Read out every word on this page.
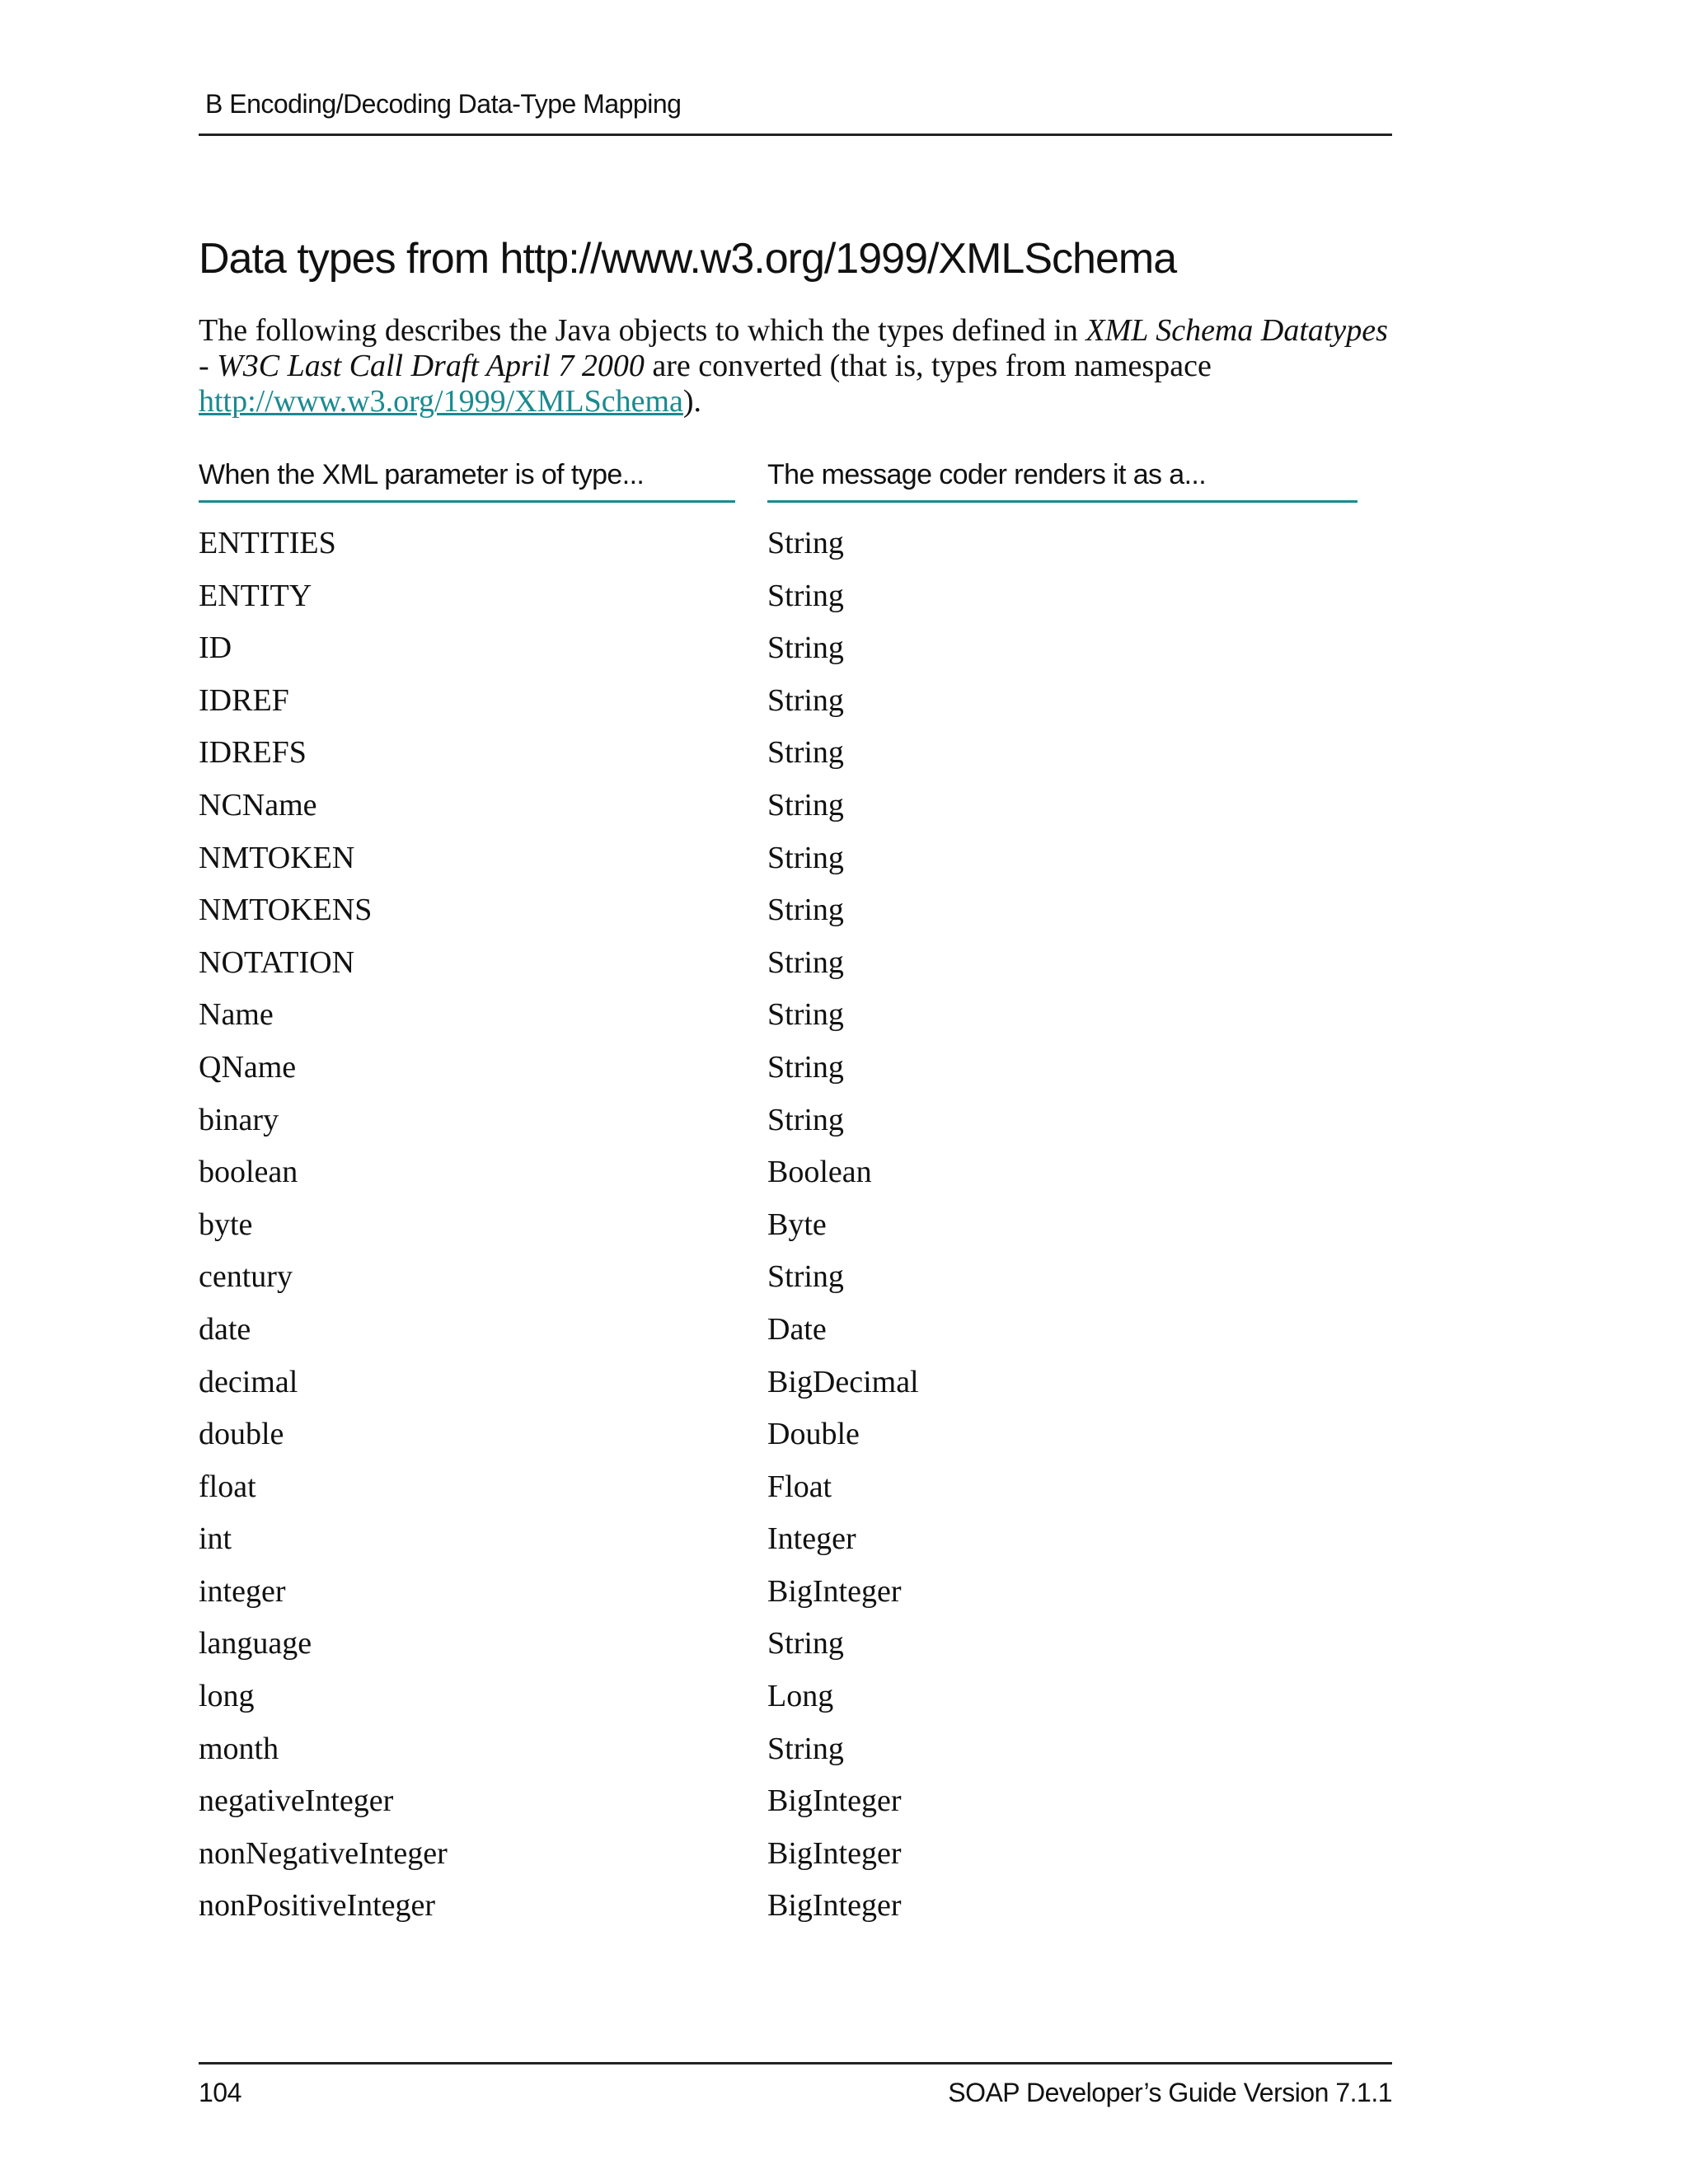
B Encoding/Decoding Data-Type Mapping
Data types from http://www.w3.org/1999/XMLSchema

The following describes the Java objects to which the types defined in XML Schema Datatypes - W3C Last Call Draft April 7 2000 are converted (that is, types from namespace http://www.w3.org/1999/XMLSchema).

When the XML parameter is of type...	The message coder renders it as a...
ENTITIES	String
ENTITY	String
ID	String
IDREF	String
IDREFS	String
NCName	String
NMTOKEN	String
NMTOKENS	String
NOTATION	String
Name	String
QName	String
binary	String
boolean	Boolean
byte	Byte
century	String
date	Date
decimal	BigDecimal
double	Double
float	Float
int	Integer
integer	BigInteger
language	String
long	Long
month	String
negativeInteger	BigInteger
nonNegativeInteger	BigInteger
nonPositiveInteger	BigInteger
104	SOAP Developer’s Guide Version 7.1.1
